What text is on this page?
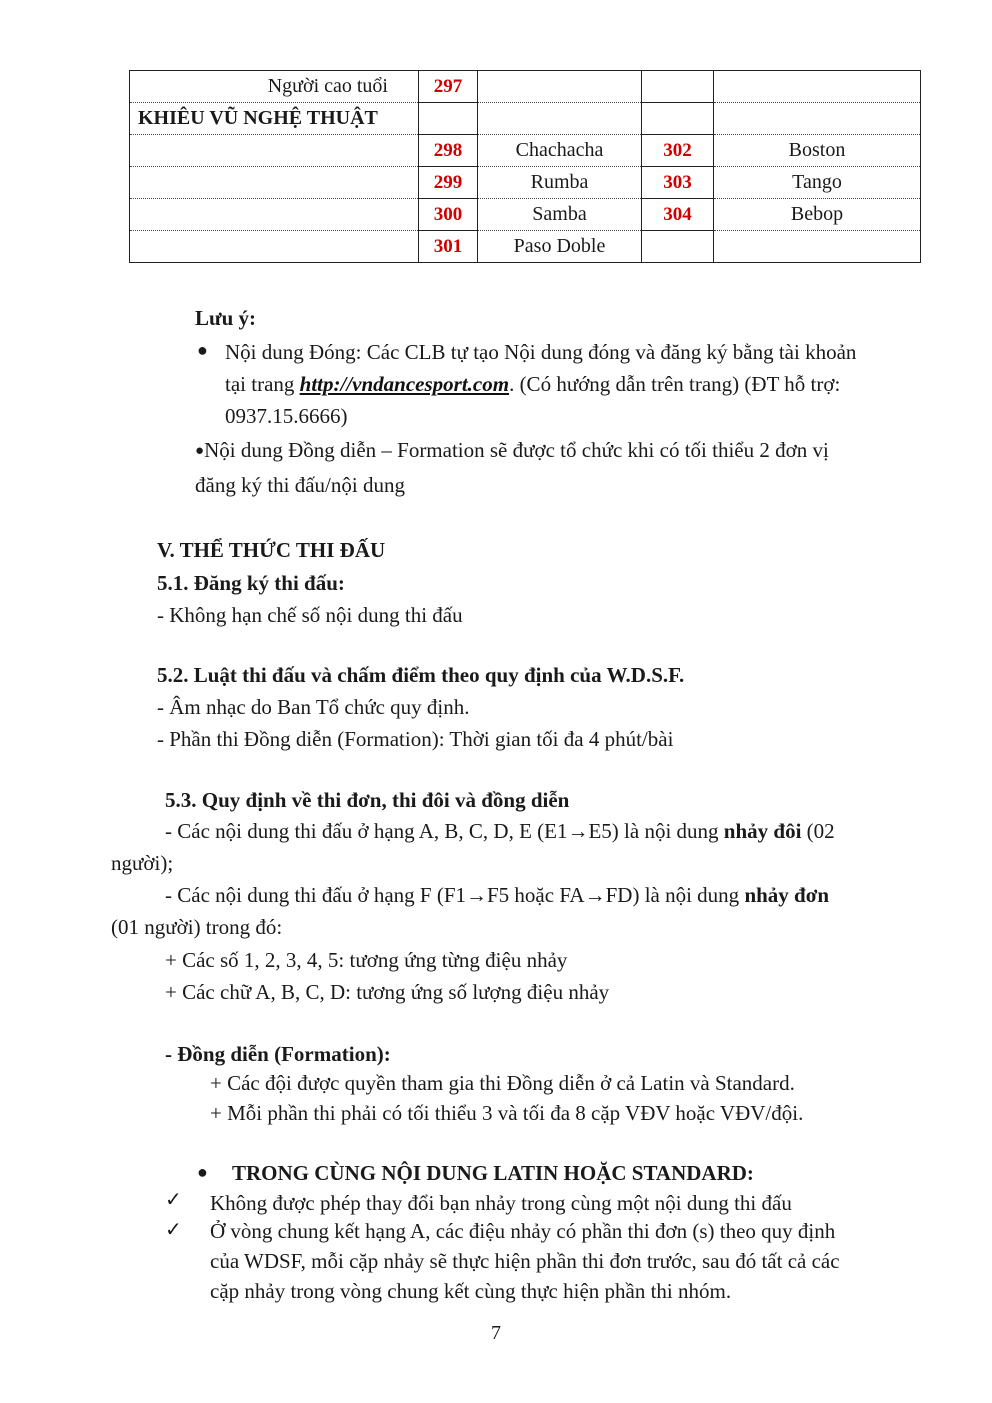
Người cao tuổi	297			
KHIÊU VŨ NGHỆ THUẬT				
	298	Chachacha	302	Boston
	299	Rumba	303	Tango
	300	Samba	304	Bebop
	301	Paso Doble		
Lưu ý:
● Nội dung Đóng: Các CLB tự tạo Nội dung đóng và đăng ký bằng tài khoản
tại trang http://vndancesport.com. (Có hướng dẫn trên trang) (ĐT hỗ trợ:
0937.15.6666)
●Nội dung Đồng diễn – Formation sẽ được tổ chức khi có tối thiểu 2 đơn vị
đăng ký thi đấu/nội dung
V. THỂ THỨC THI ĐẤU
5.1. Đăng ký thi đấu:
- Không hạn chế số nội dung thi đấu
5.2. Luật thi đấu và chấm điểm theo quy định của W.D.S.F.
- Âm nhạc do Ban Tổ chức quy định.
- Phần thi Đồng diễn (Formation): Thời gian tối đa 4 phút/bài
5.3. Quy định về thi đơn, thi đôi và đồng diễn
- Các nội dung thi đấu ở hạng A, B, C, D, E (E1→E5) là nội dung nhảy đôi (02
người);
- Các nội dung thi đấu ở hạng F (F1→F5 hoặc FA→FD) là nội dung nhảy đơn
(01 người) trong đó:
+ Các số 1, 2, 3, 4, 5: tương ứng từng điệu nhảy
+ Các chữ A, B, C, D: tương ứng số lượng điệu nhảy
- Đồng diễn (Formation):
+ Các đội được quyền tham gia thi Đồng diễn ở cả Latin và Standard.
+ Mỗi phần thi phải có tối thiểu 3 và tối đa 8 cặp VĐV hoặc VĐV/đội.
● TRONG CÙNG NỘI DUNG LATIN HOẶC STANDARD:
✓ Không được phép thay đổi bạn nhảy trong cùng một nội dung thi đấu
✓ Ở vòng chung kết hạng A, các điệu nhảy có phần thi đơn (s) theo quy định
của WDSF, mỗi cặp nhảy sẽ thực hiện phần thi đơn trước, sau đó tất cả các
cặp nhảy trong vòng chung kết cùng thực hiện phần thi nhóm.
7
